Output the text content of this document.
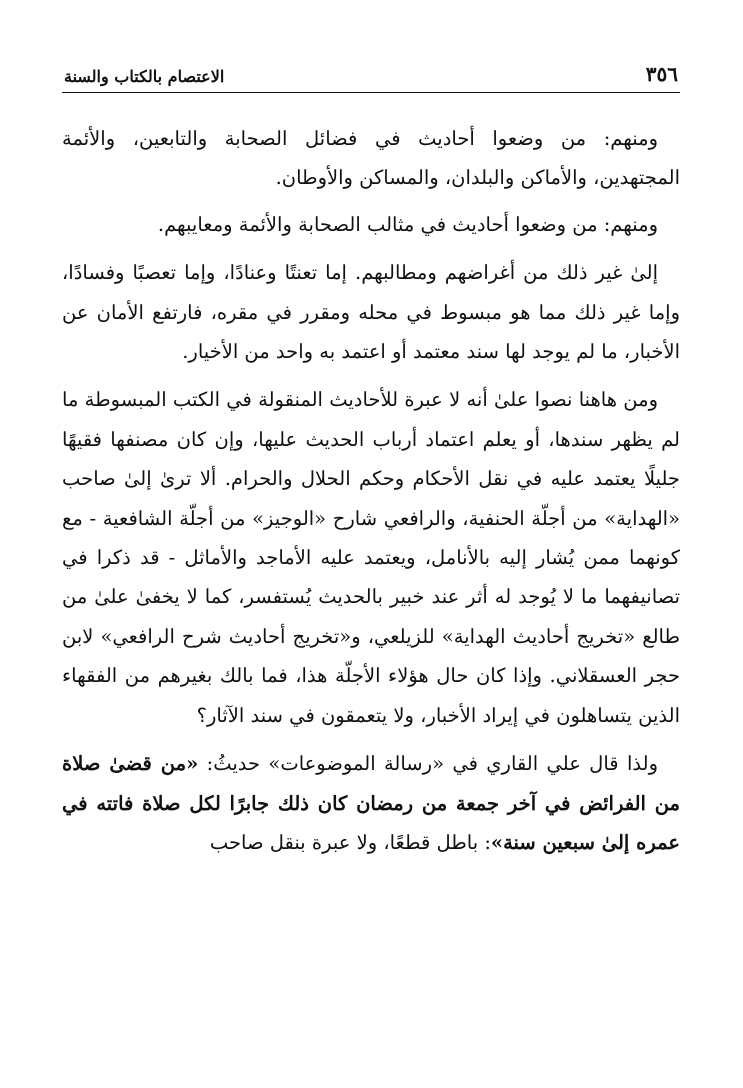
٣٥٦
الاعتصام بالكتاب والسنة

ومنهم: من وضعوا أحاديث في فضائل الصحابة والتابعين، والأئمة المجتهدين، والأماكن والبلدان، والمساكن والأوطان.

ومنهم: من وضعوا أحاديث في مثالب الصحابة والأئمة ومعايبهم.

إلىٰ غير ذلك من أغراضهم ومطالبهم. إما تعنتًا وعنادًا، وإما تعصبًا وفسادًا، وإما غير ذلك مما هو مبسوط في محله ومقرر في مقره، فارتفع الأمان عن الأخبار، ما لم يوجد لها سند معتمد أو اعتمد به واحد من الأخيار.

ومن هاهنا نصوا علىٰ أنه لا عبرة للأحاديث المنقولة في الكتب المبسوطة ما لم يظهر سندها، أو يعلم اعتماد أرباب الحديث عليها، وإن كان مصنفها فقيهًا جليلًا يعتمد عليه في نقل الأحكام وحكم الحلال والحرام. ألا ترىٰ إلىٰ صاحب «الهداية» من أجلّة الحنفية، والرافعي شارح «الوجيز» من أجلّة الشافعية - مع كونهما ممن يُشار إليه بالأنامل، ويعتمد عليه الأماجد والأماثل - قد ذكرا في تصانيفهما ما لا يُوجد له أثر عند خبير بالحديث يُستفسر، كما لا يخفىٰ علىٰ من طالع «تخريج أحاديث الهداية» للزيلعي، و«تخريج أحاديث شرح الرافعي» لابن حجر العسقلاني. وإذا كان حال هؤلاء الأجلّة هذا، فما بالك بغيرهم من الفقهاء الذين يتساهلون في إيراد الأخبار، ولا يتعمقون في سند الآثار؟

ولذا قال علي القاري في «رسالة الموضوعات» حديثُ: «من قضىٰ صلاة من الفرائض في آخر جمعة من رمضان كان ذلك جابرًا لكل صلاة فاتته في عمره إلىٰ سبعين سنة»: باطل قطعًا، ولا عبرة بنقل صاحب
